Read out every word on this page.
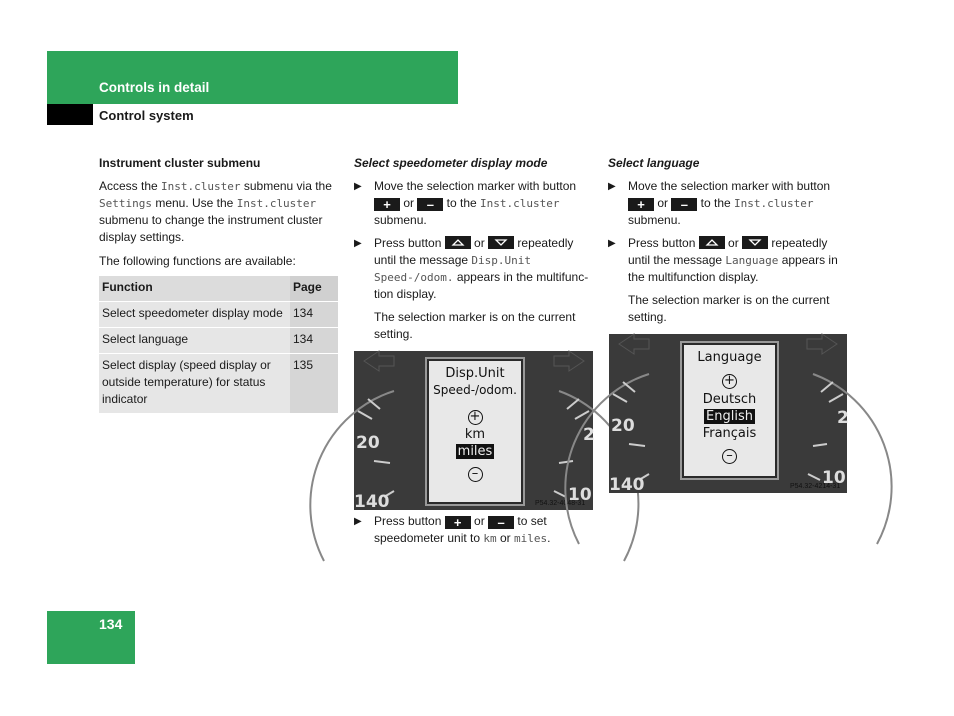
Controls in detail
Control system

Instrument cluster submenu

Access the Inst.cluster submenu via the Settings menu. Use the Inst.cluster submenu to change the instrument cluster display settings.

The following functions are available:

Function	Page
Select speedometer display mode	134
Select language	134
Select display (speed display or outside temperature) for status indicator	135

Select speedometer display mode

▶ Move the selection marker with button + or – to the Inst.cluster submenu.
▶ Press button
or
repeatedly until the message Disp.Unit Speed-/odom. appears in the multifunc-tion display.

The selection marker is on the current setting.

20
140
2
10
Disp.Unit
Speed-/odom.
+
km
miles
–
P54.32-4048-31
▶ Press button + or – to set speedometer unit to km or miles.

Select language

▶ Move the selection marker with button + or – to the Inst.cluster submenu.
▶ Press button
or
repeatedly until the message Language appears in the multifunction display.

The selection marker is on the current setting.

20
140
2
10
Language
+
Deutsch
English
Français
–
P54.32-4214-31
134
